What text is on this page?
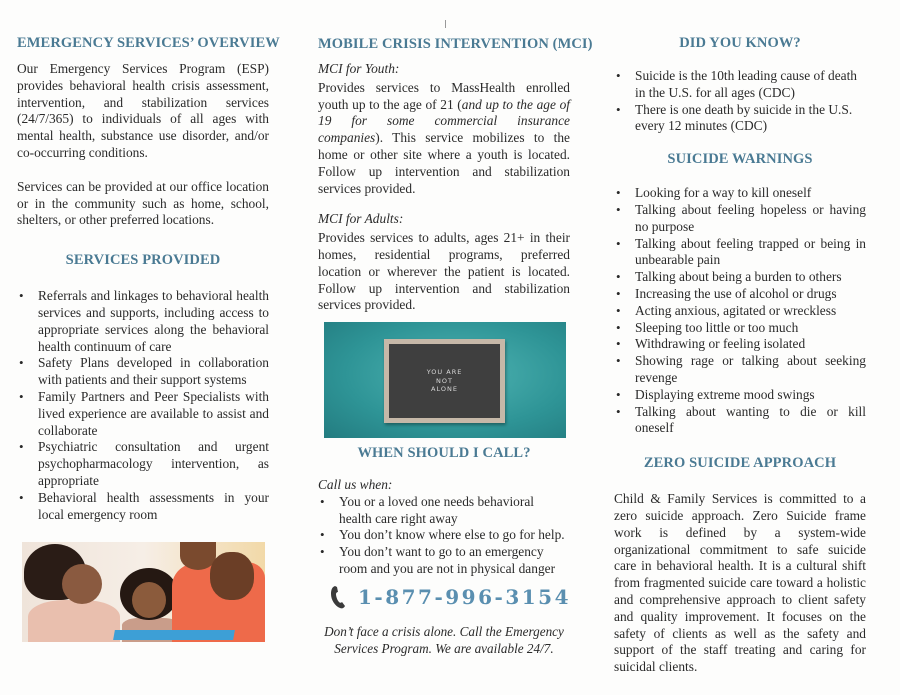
EMERGENCY SERVICES’ OVERVIEW

Our Emergency Services Program (ESP) provides behavioral health crisis assessment, intervention, and stabilization services (24/7/365) to individuals of all ages with mental health, substance use disorder, and/or co-occurring conditions.

Services can be provided at our office location or in the community such as home, school, shelters, or other preferred locations.

SERVICES PROVIDED
• Referrals and linkages to behavioral health services and supports, including access to appropriate services along the behavioral health continuum of care
• Safety Plans developed in collaboration with patients and their support systems
• Family Partners and Peer Specialists with lived experience are available to assist and collaborate
• Psychiatric consultation and urgent psychopharmacology intervention, as appropriate
• Behavioral health assessments in your local emergency room
MOBILE CRISIS INTERVENTION (MCI)

MCI for Youth:

Provides services to MassHealth enrolled youth up to the age of 21 (and up to the age of 19 for some commercial insurance companies). This service mobilizes to the home or other site where a youth is located. Follow up intervention and stabilization services provided.

MCI for Adults:

Provides services to adults, ages 21+ in their homes, residential programs, preferred location or wherever the patient is located. Follow up intervention and stabilization services provided.

YOU ARE
NOT
ALONE
WHEN SHOULD I CALL?

Call us when:

• You or a loved one needs behavioral health care right away
• You don’t know where else to go for help.
• You don’t want to go to an emergency room and you are not in physical danger
1-877-996-3154

Don’t face a crisis alone. Call the Emergency Services Program. We are available 24/7.

DID YOU KNOW?
• Suicide is the 10th leading cause of death in the U.S. for all ages (CDC)
• There is one death by suicide in the U.S. every 12 minutes (CDC)
SUICIDE WARNINGS
• Looking for a way to kill oneself
• Talking about feeling hopeless or having no purpose
• Talking about feeling trapped or being in unbearable pain
• Talking about being a burden to others
• Increasing the use of alcohol or drugs
• Acting anxious, agitated or wreckless
• Sleeping too little or too much
• Withdrawing or feeling isolated
• Showing rage or talking about seeking revenge
• Displaying extreme mood swings
• Talking about wanting to die or kill oneself
ZERO SUICIDE APPROACH

Child & Family Services is committed to a zero suicide approach. Zero Suicide frame work is defined by a system-wide organizational commitment to safe suicide care in behavioral health. It is a cultural shift from fragmented suicide care toward a holistic and comprehensive approach to client safety and quality improvement. It focuses on the safety of clients as well as the safety and support of the staff treating and caring for suicidal clients.
